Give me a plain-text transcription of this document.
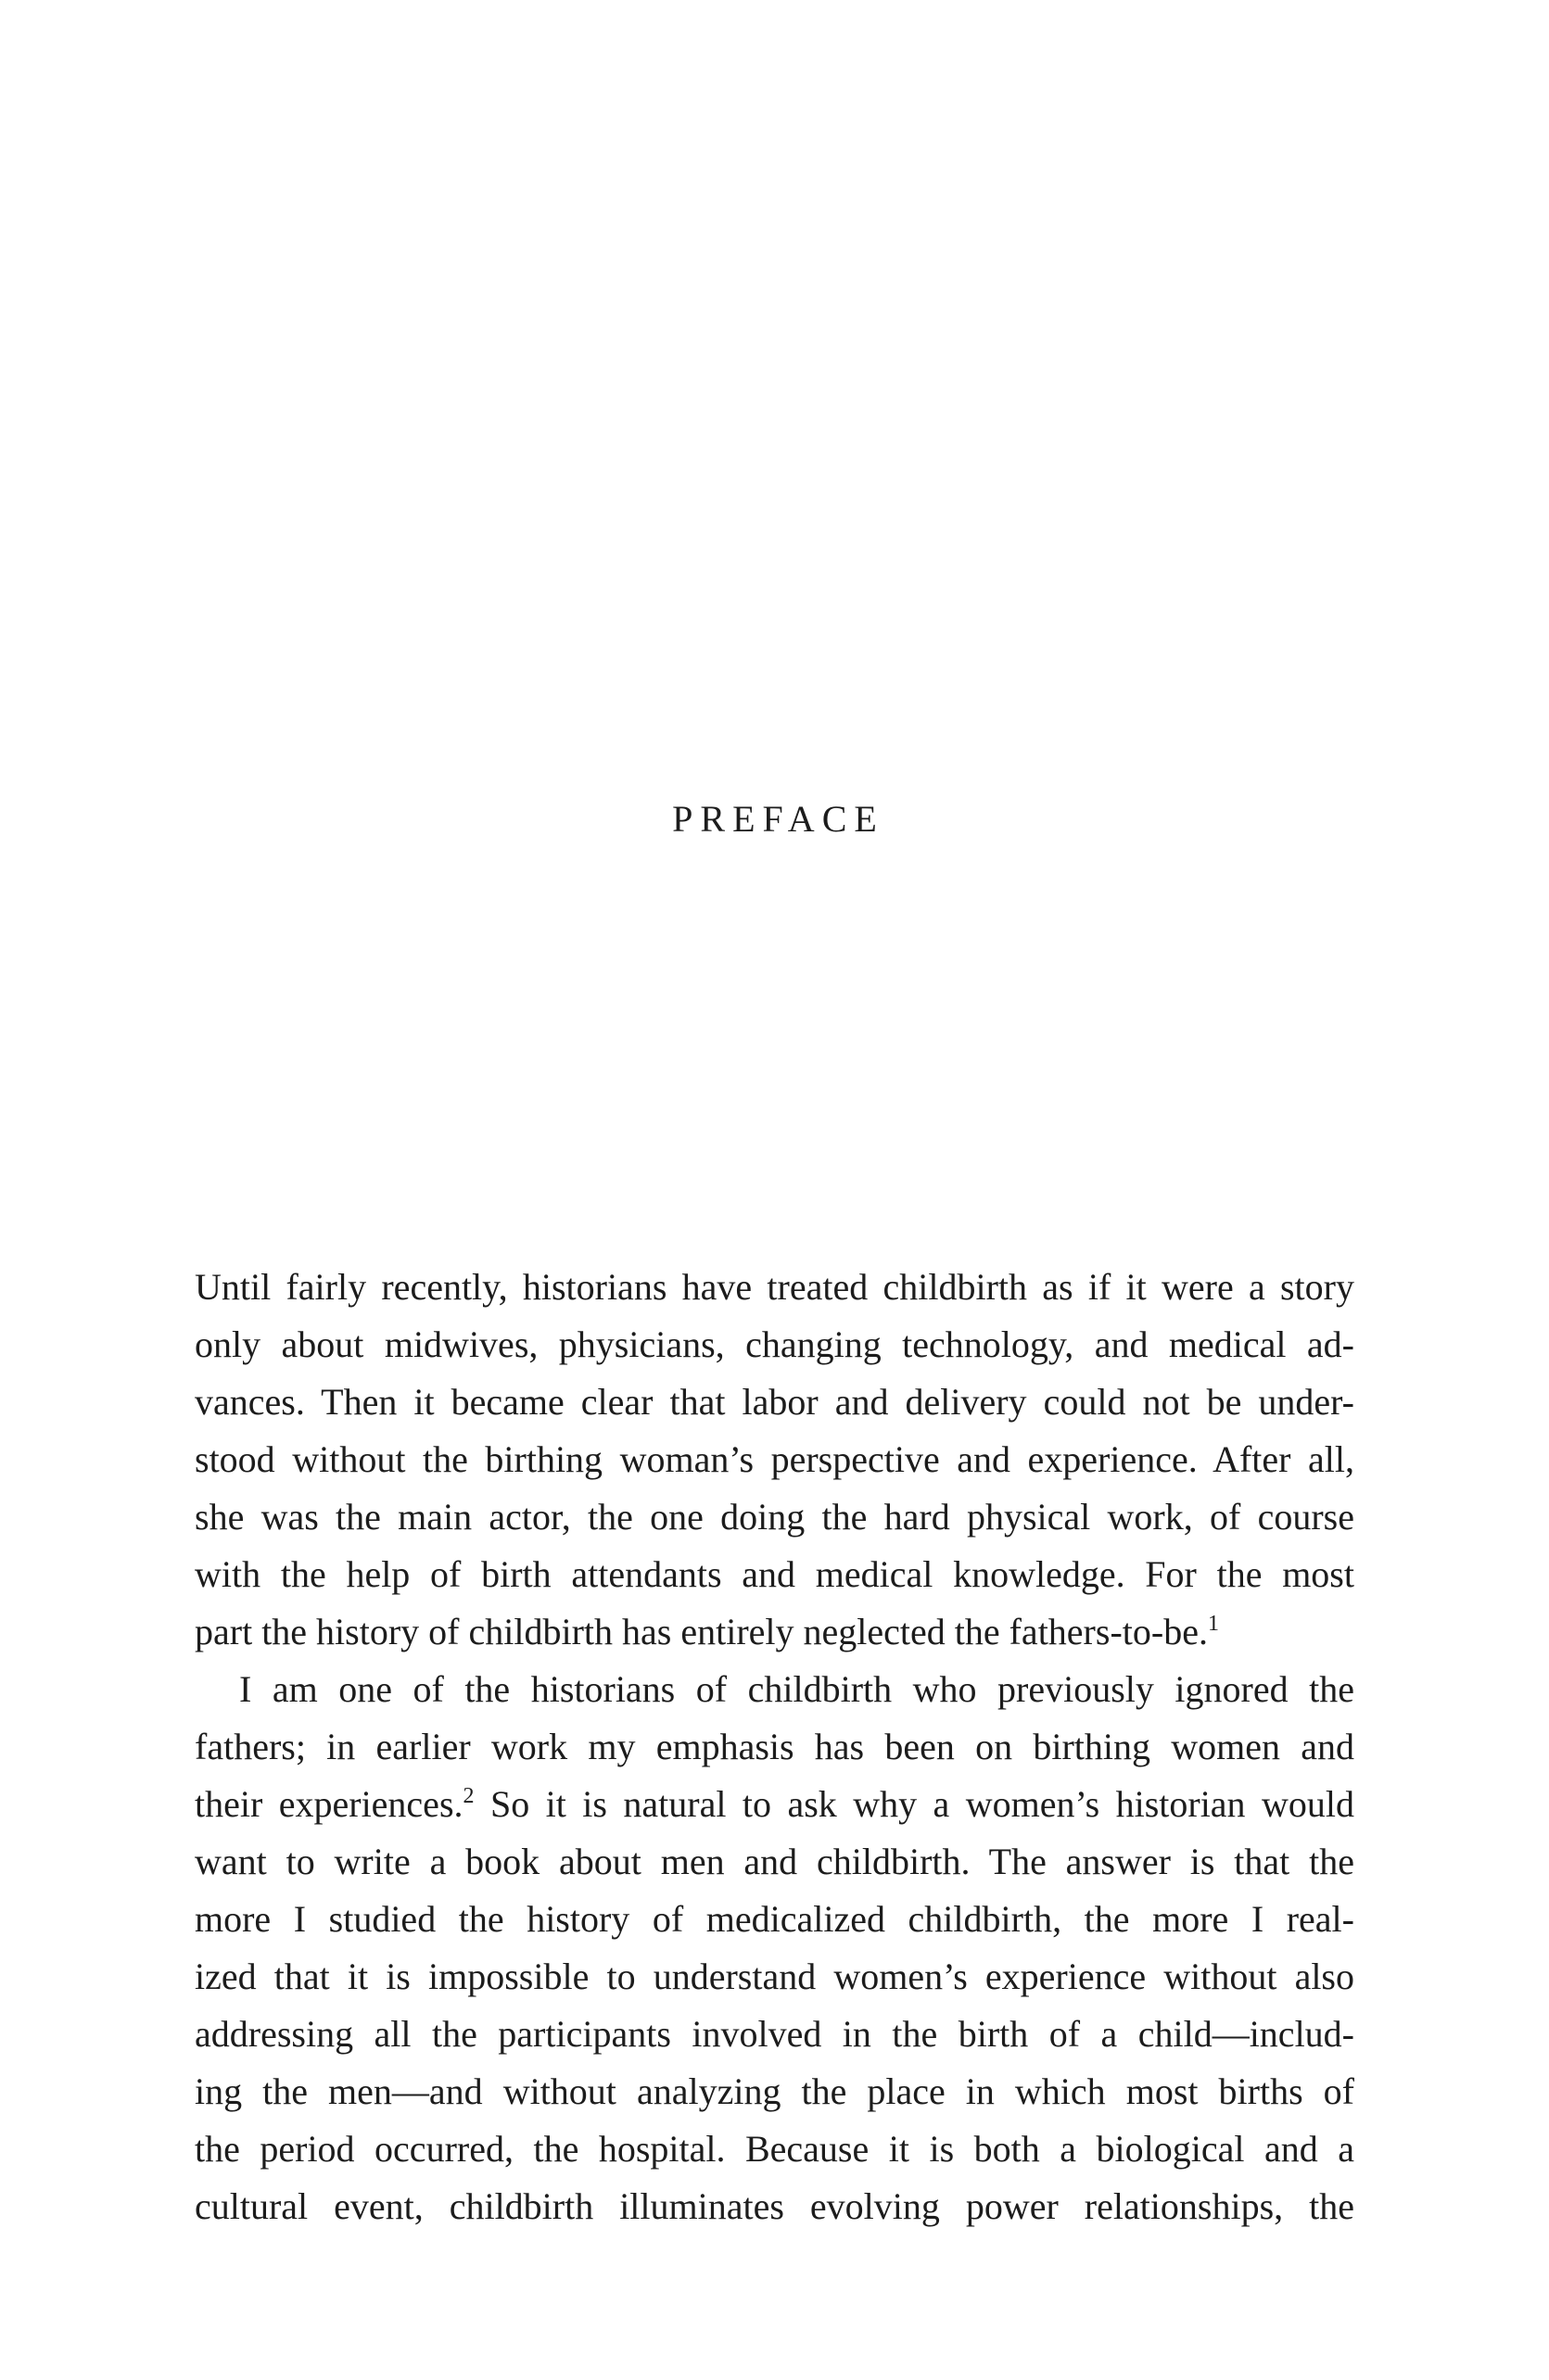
PREFACE
Until fairly recently, historians have treated childbirth as if it were a story
only about midwives, physicians, changing technology, and medical ad-
vances. Then it became clear that labor and delivery could not be under-
stood without the birthing woman’s perspective and experience. After all,
she was the main actor, the one doing the hard physical work, of course
with the help of birth attendants and medical knowledge. For the most
part the history of childbirth has entirely neglected the fathers-to-be.$^1$
I am one of the historians of childbirth who previously ignored the
fathers; in earlier work my emphasis has been on birthing women and
their experiences.$^2$ So it is natural to ask why a women’s historian would
want to write a book about men and childbirth. The answer is that the
more I studied the history of medicalized childbirth, the more I real-
ized that it is impossible to understand women’s experience without also
addressing all the participants involved in the birth of a child—includ-
ing the men—and without analyzing the place in which most births of
the period occurred, the hospital. Because it is both a biological and a
cultural event, childbirth illuminates evolving power relationships, the
